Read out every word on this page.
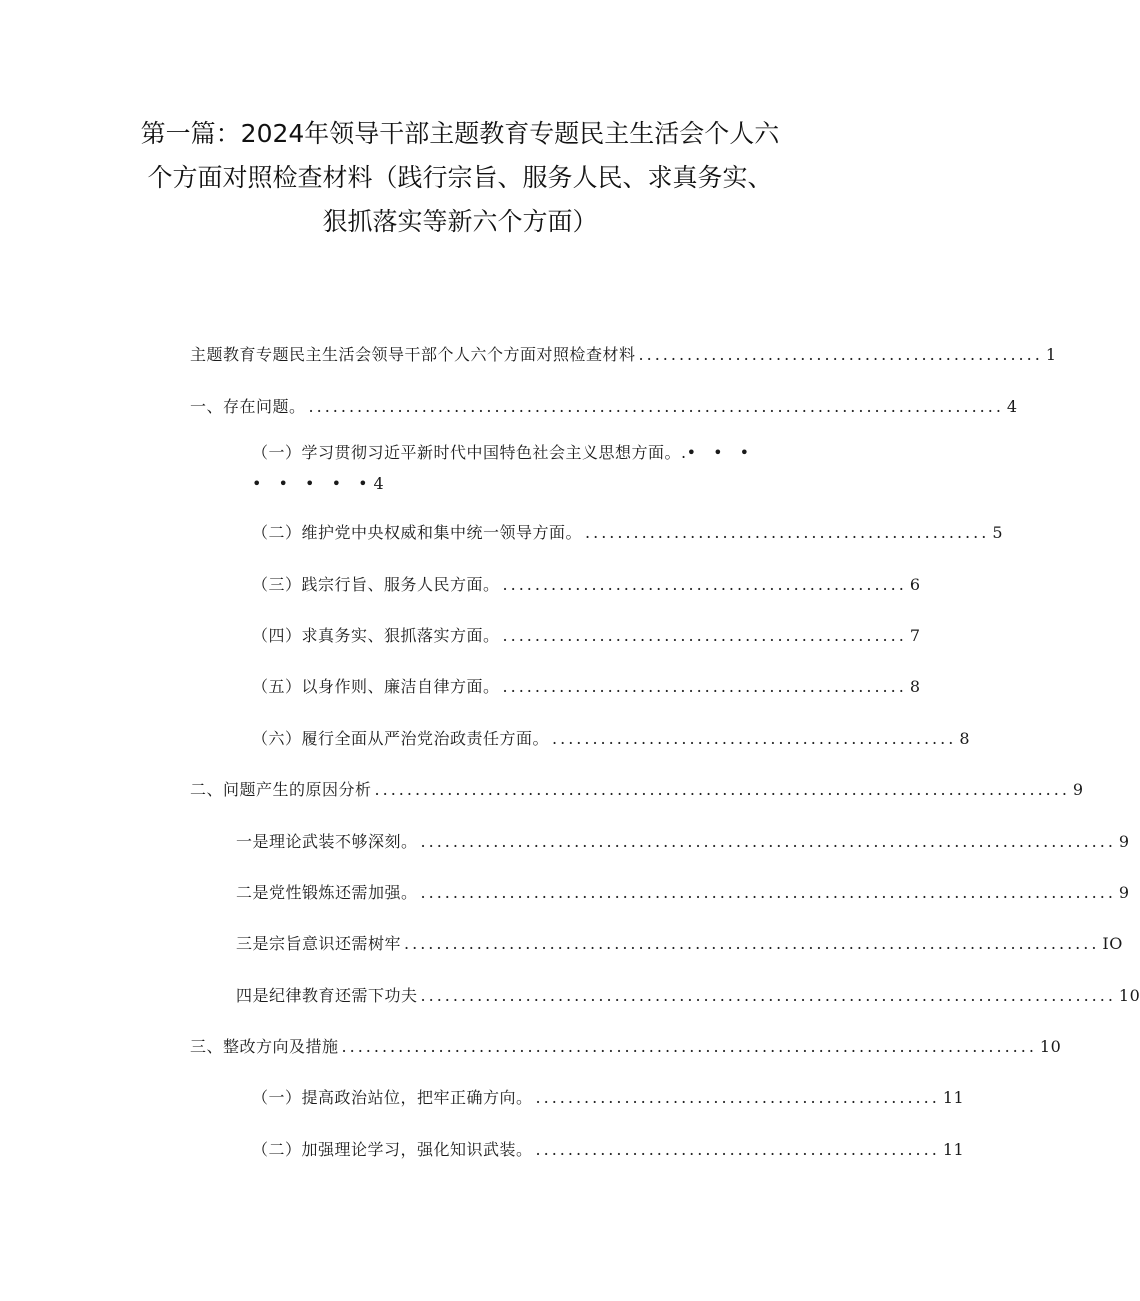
第一篇：2024年领导干部主题教育专题民主生活会个人六
个方面对照检查材料（践行宗旨、服务人民、求真务实、
狠抓落实等新六个方面）
主题教育专题民主生活会领导干部个人六个方面对照检查材料 .................................................. 1
一、存在问题。 ...................................................................................... 4
（一）学习贯彻习近平新时代中国特色社会主义思想方面。. • • •
• • • • • 4
（二）维护党中央权威和集中统一领导方面。 .................................................. 5
（三）践宗行旨、服务人民方面。 .................................................. 6
（四）求真务实、狠抓落实方面。 .................................................. 7
（五）以身作则、廉洁自律方面。 .................................................. 8
（六）履行全面从严治党治政责任方面。 .................................................. 8
二、问题产生的原因分析 ...................................................................................... 9
一是理论武装不够深刻。 ...................................................................................... 9
二是党性锻炼还需加强。 ...................................................................................... 9
三是宗旨意识还需树牢 ...................................................................................... IO
四是纪律教育还需下功夫 ...................................................................................... 10
三、整改方向及措施 ...................................................................................... 10
（一）提高政治站位，把牢正确方向。 .................................................. 11
（二）加强理论学习，强化知识武装。 .................................................. 11
